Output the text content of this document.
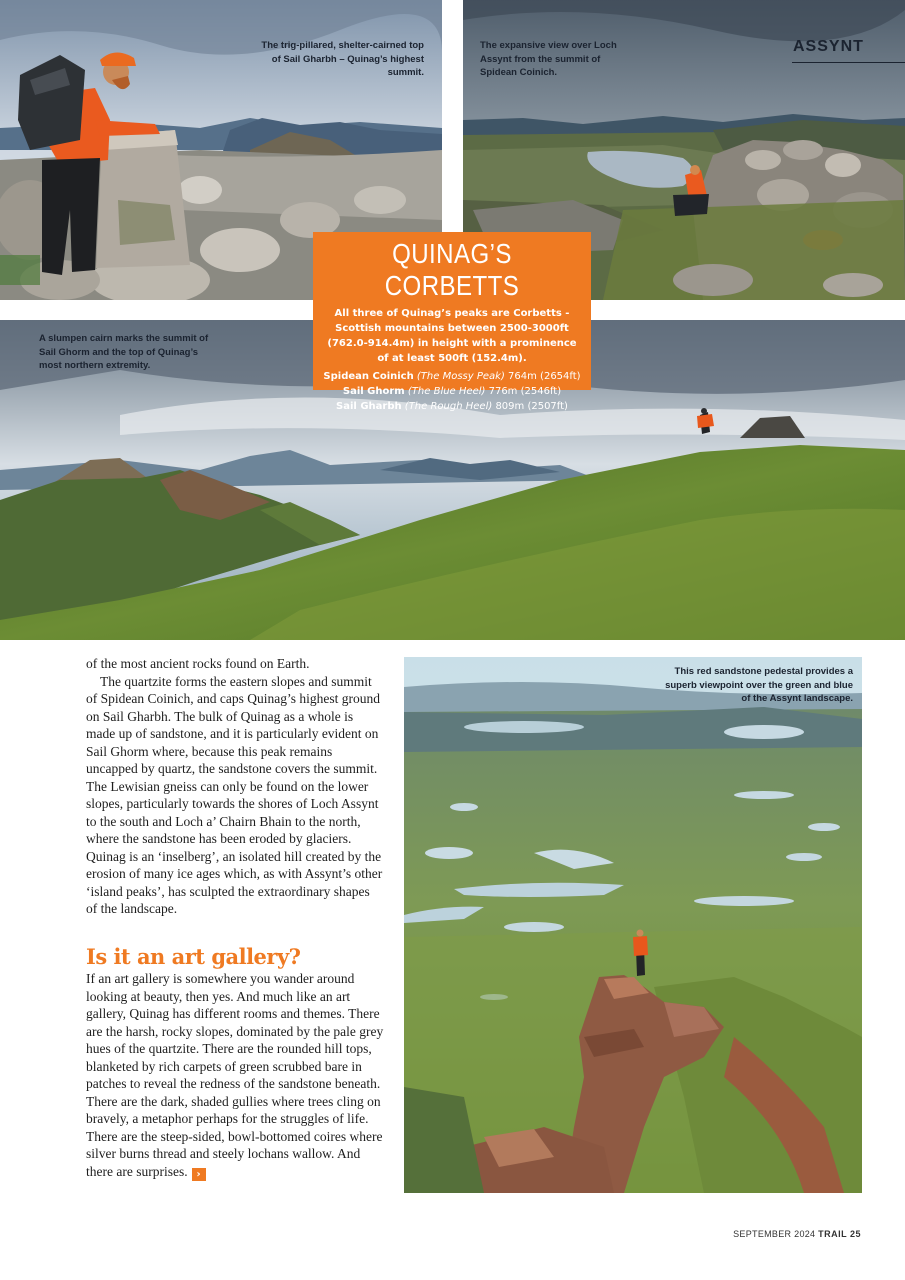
The trig-pillared, shelter-cairned top of Sail Gharbh – Quinag’s highest summit.
The expansive view over Loch Assynt from the summit of Spidean Coinich.
A slumpen cairn marks the summit of Sail Ghorm and the top of Quinag’s most northern extremity.
This red sandstone pedestal provides a superb viewpoint over the green and blue of the Assynt landscape.
ASSYNT
QUINAG’S CORBETTS
All three of Quinag’s peaks are Corbetts - Scottish mountains between 2500-3000ft (762.0-914.4m) in height with a prominence of at least 500ft (152.4m).
Spidean Coinich (The Mossy Peak) 764m (2654ft)
Sail Ghorm (The Blue Heel) 776m (2546ft)
Sail Gharbh (The Rough Heel) 809m (2507ft)

of the most ancient rocks found on Earth.

The quartzite forms the eastern slopes and summit of Spidean Coinich, and caps Quinag’s highest ground on Sail Gharbh. The bulk of Quinag as a whole is made up of sandstone, and it is particularly evident on Sail Ghorm where, because this peak remains uncapped by quartz, the sandstone covers the summit. The Lewisian gneiss can only be found on the lower slopes, particularly towards the shores of Loch Assynt to the south and Loch a’ Chairn Bhain to the north, where the sandstone has been eroded by glaciers. Quinag is an ‘inselberg’, an isolated hill created by the erosion of many ice ages which, as with Assynt’s other ‘island peaks’, has sculpted the extraordinary shapes of the landscape.

Is it an art gallery?

If an art gallery is somewhere you wander around looking at beauty, then yes. And much like an art gallery, Quinag has different rooms and themes. There are the harsh, rocky slopes, dominated by the pale grey hues of the quartzite. There are the rounded hill tops, blanketed by rich carpets of green scrubbed bare in patches to reveal the redness of the sandstone beneath. There are the dark, shaded gullies where trees cling on bravely, a metaphor perhaps for the struggles of life. There are the steep-sided, bowl-bottomed coires where silver burns thread and steely lochans wallow. And there are surprises. ›

SEPTEMBER 2024 TRAIL 25
